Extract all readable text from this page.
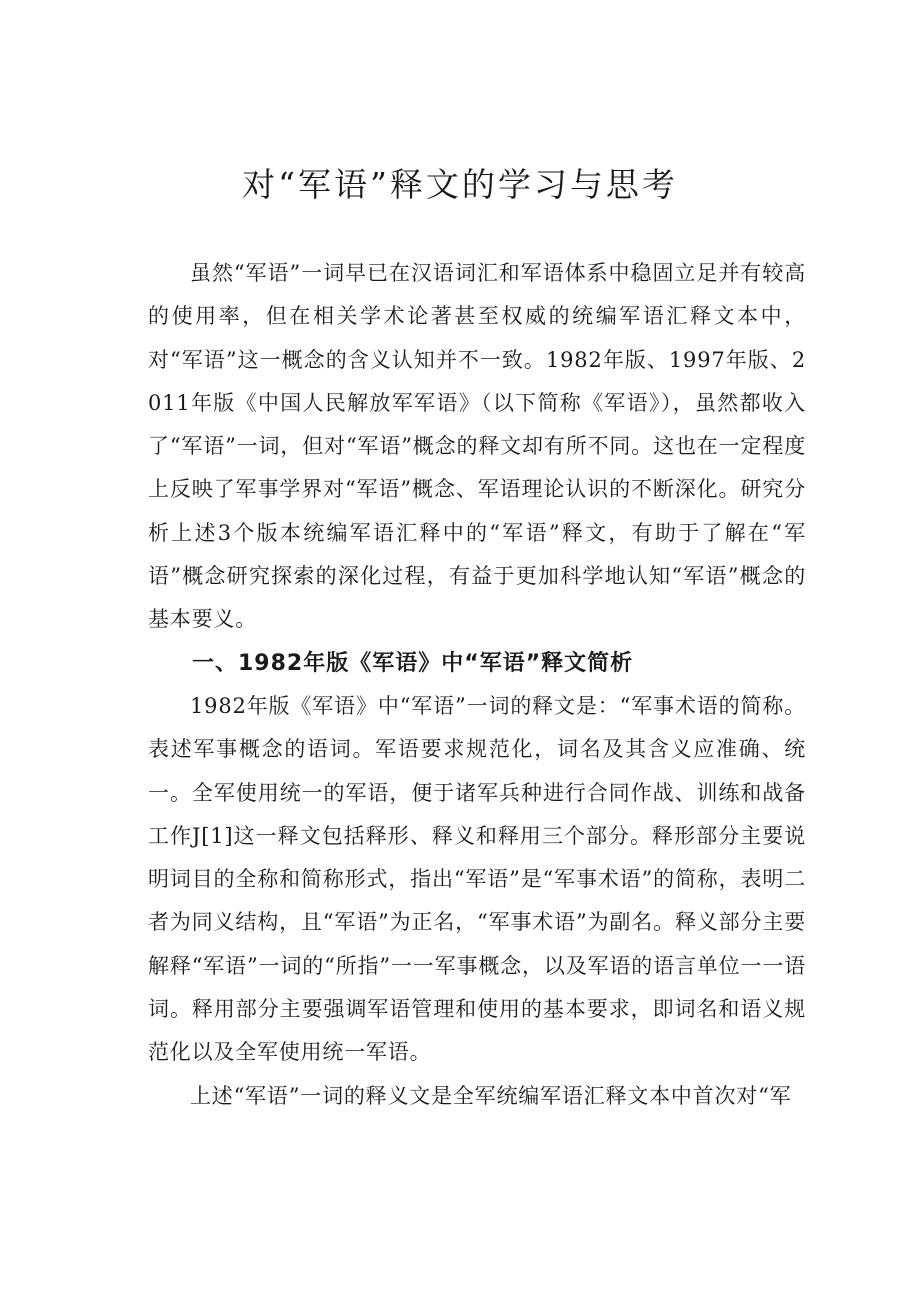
对“军语”释文的学习与思考

虽然“军语”一词早已在汉语词汇和军语体系中稳固立足并有较高的使用率，但在相关学术论著甚至权威的统编军语汇释文本中，对“军语”这一概念的含义认知并不一致。1982年版、1997年版、2011年版《中国人民解放军军语》（以下简称《军语》），虽然都收入了“军语”一词，但对“军语”概念的释文却有所不同。这也在一定程度上反映了军事学界对“军语”概念、军语理论认识的不断深化。研究分析上述3个版本统编军语汇释中的“军语”释文，有助于了解在“军语”概念研究探索的深化过程，有益于更加科学地认知“军语”概念的基本要义。

一、1982年版《军语》中“军语”释文简析

1982年版《军语》中“军语”一词的释文是：“军事术语的简称。表述军事概念的语词。军语要求规范化，词名及其含义应准确、统一。全军使用统一的军语，便于诸军兵种进行合同作战、训练和战备工作J[1]这一释文包括释形、释义和释用三个部分。释形部分主要说明词目的全称和简称形式，指出“军语”是“军事术语”的简称，表明二者为同义结构，且“军语”为正名，“军事术语”为副名。释义部分主要解释“军语”一词的“所指”一一军事概念，以及军语的语言单位一一语词。释用部分主要强调军语管理和使用的基本要求，即词名和语义规范化以及全军使用统一军语。

上述“军语”一词的释义文是全军统编军语汇释文本中首次对“军
